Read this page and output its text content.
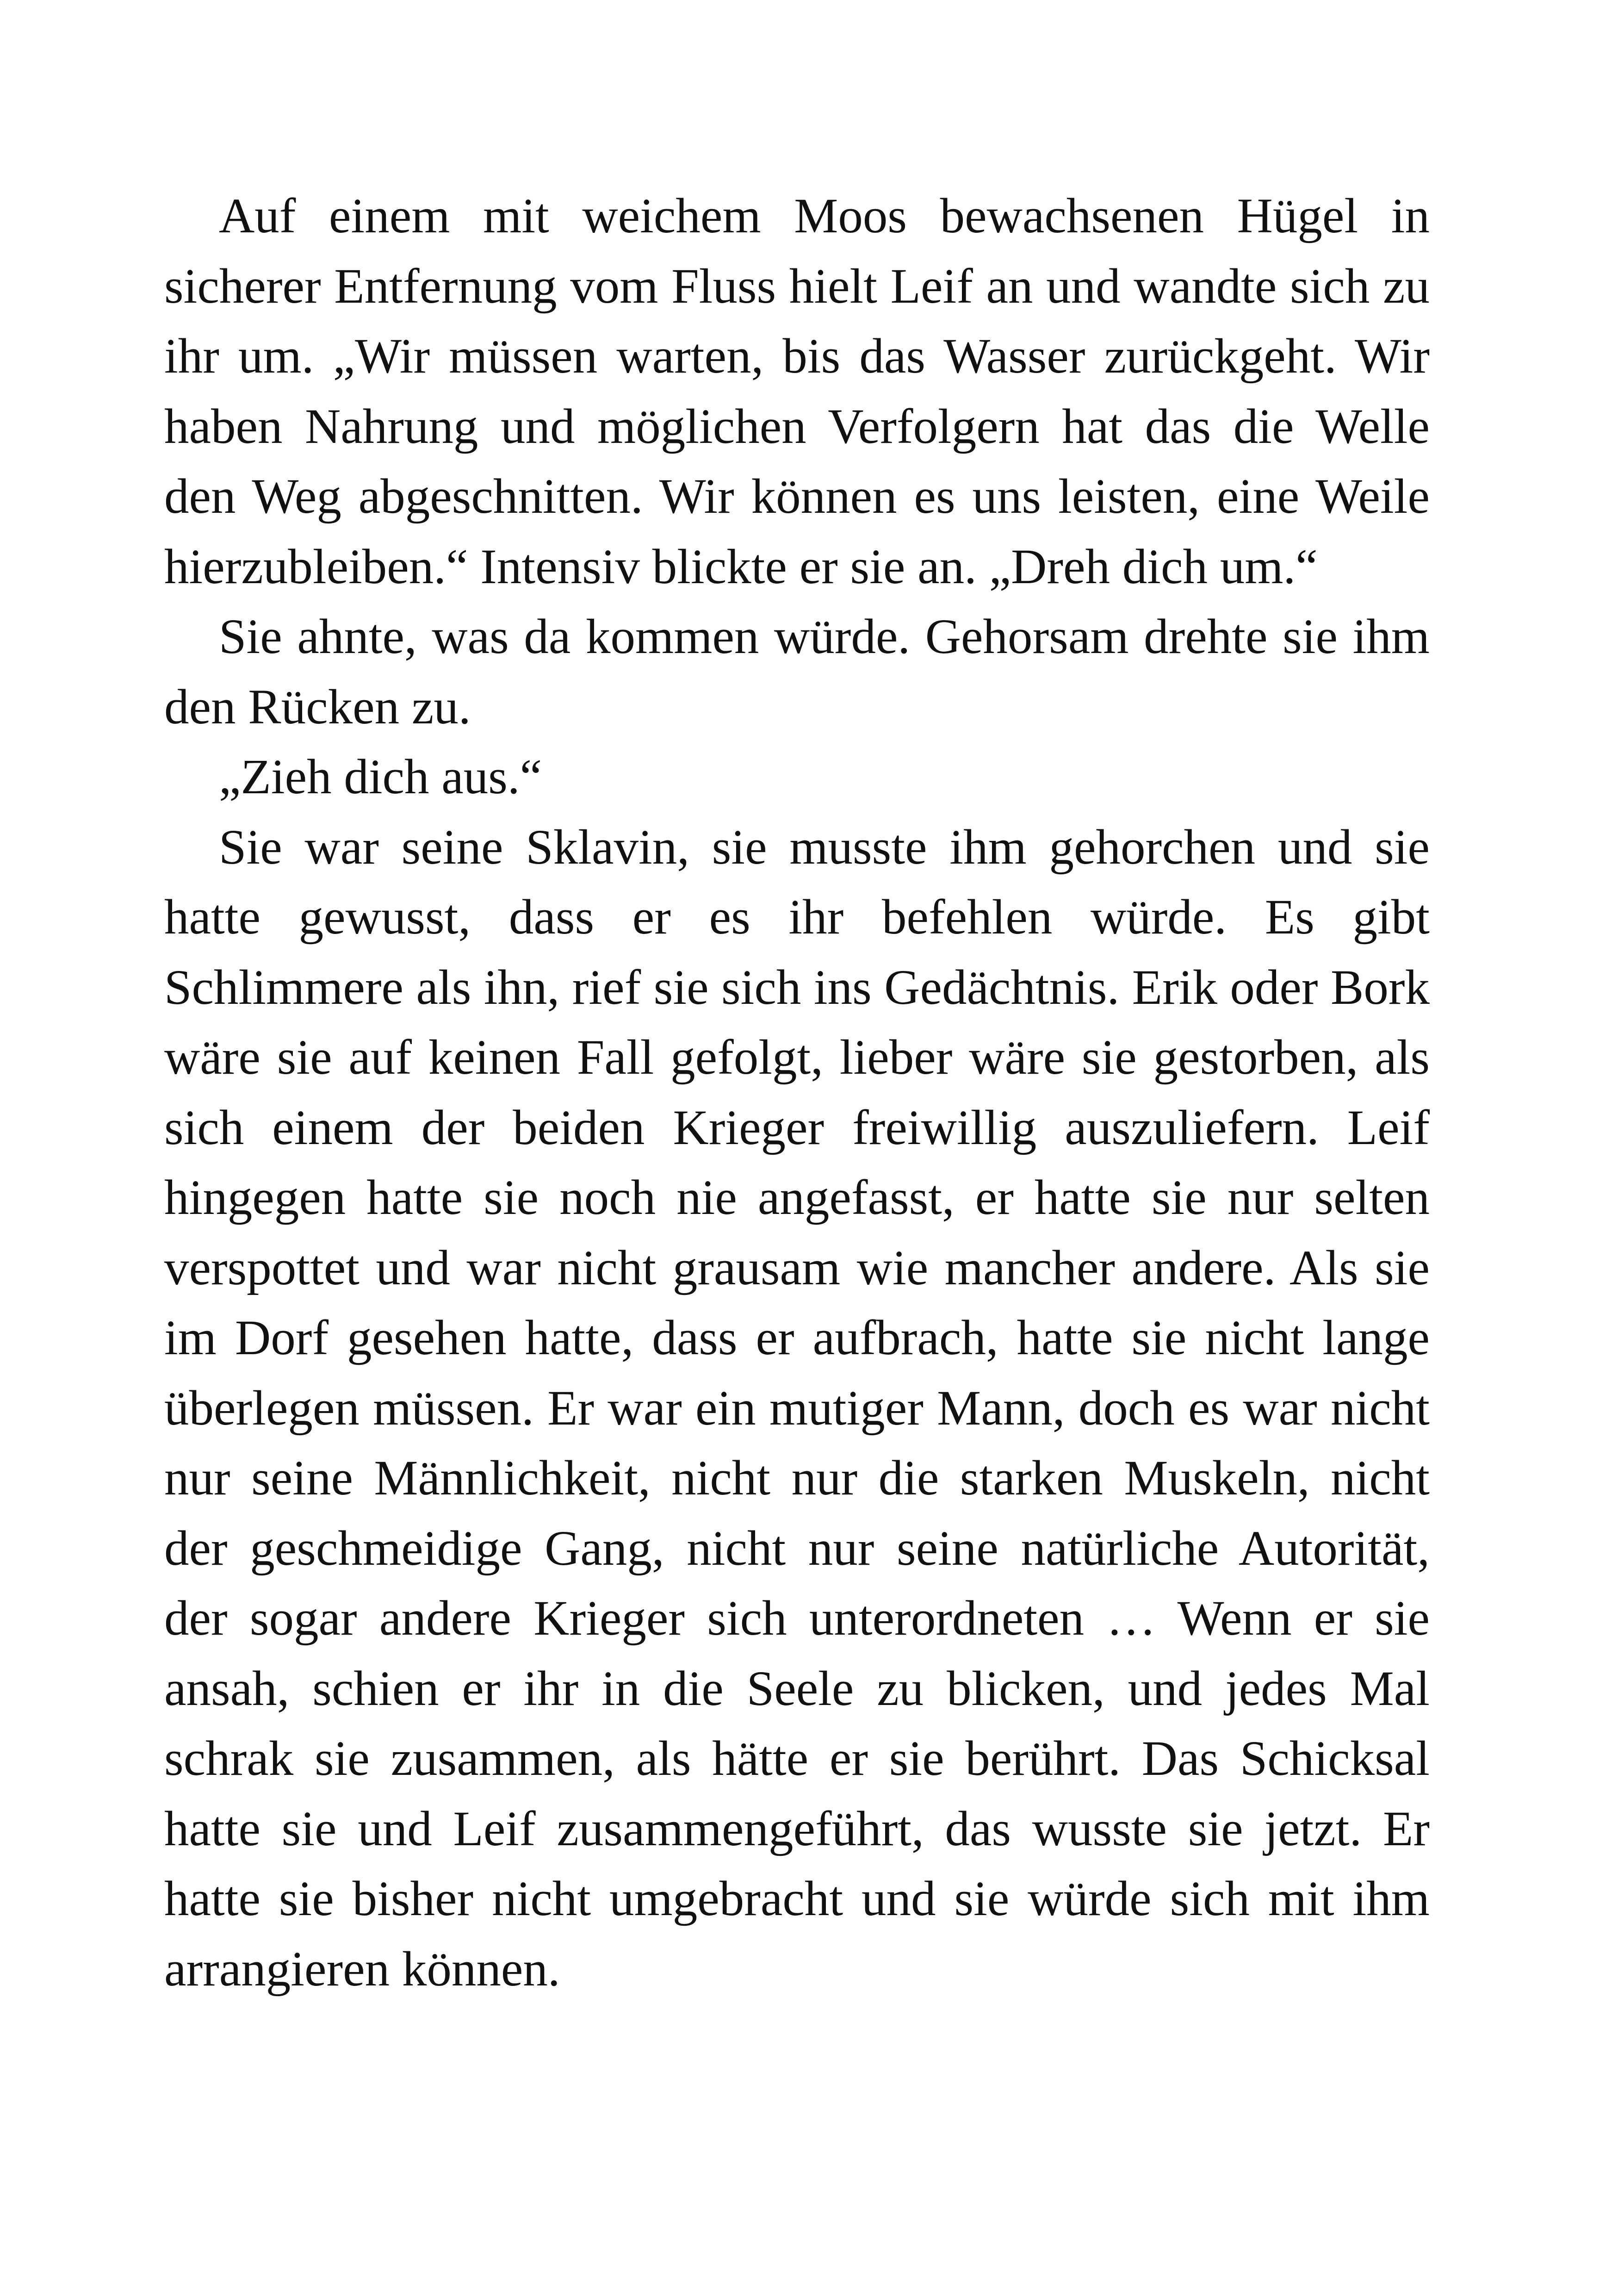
Auf einem mit weichem Moos bewachsenen Hügel in sicherer Entfernung vom Fluss hielt Leif an und wandte sich zu ihr um. „Wir müssen warten, bis das Wasser zurückgeht. Wir haben Nahrung und möglichen Verfolgern hat das die Welle den Weg abgeschnitten. Wir können es uns leisten, eine Weile hierzubleiben.“ Intensiv blickte er sie an. „Dreh dich um.“

Sie ahnte, was da kommen würde. Gehorsam drehte sie ihm den Rücken zu.

„Zieh dich aus.“

Sie war seine Sklavin, sie musste ihm gehorchen und sie hatte gewusst, dass er es ihr befehlen würde. Es gibt Schlimmere als ihn, rief sie sich ins Gedächtnis. Erik oder Bork wäre sie auf keinen Fall gefolgt, lieber wäre sie gestorben, als sich einem der beiden Krieger freiwillig auszuliefern. Leif hingegen hatte sie noch nie angefasst, er hatte sie nur selten verspottet und war nicht grausam wie mancher andere. Als sie im Dorf gesehen hatte, dass er aufbrach, hatte sie nicht lange überlegen müssen. Er war ein mutiger Mann, doch es war nicht nur seine Männlichkeit, nicht nur die starken Muskeln, nicht der geschmeidige Gang, nicht nur seine natürliche Autorität, der sogar andere Krieger sich unterordneten … Wenn er sie ansah, schien er ihr in die Seele zu blicken, und jedes Mal schrak sie zusammen, als hätte er sie berührt. Das Schicksal hatte sie und Leif zusammengeführt, das wusste sie jetzt. Er hatte sie bisher nicht umgebracht und sie würde sich mit ihm arrangieren können.
